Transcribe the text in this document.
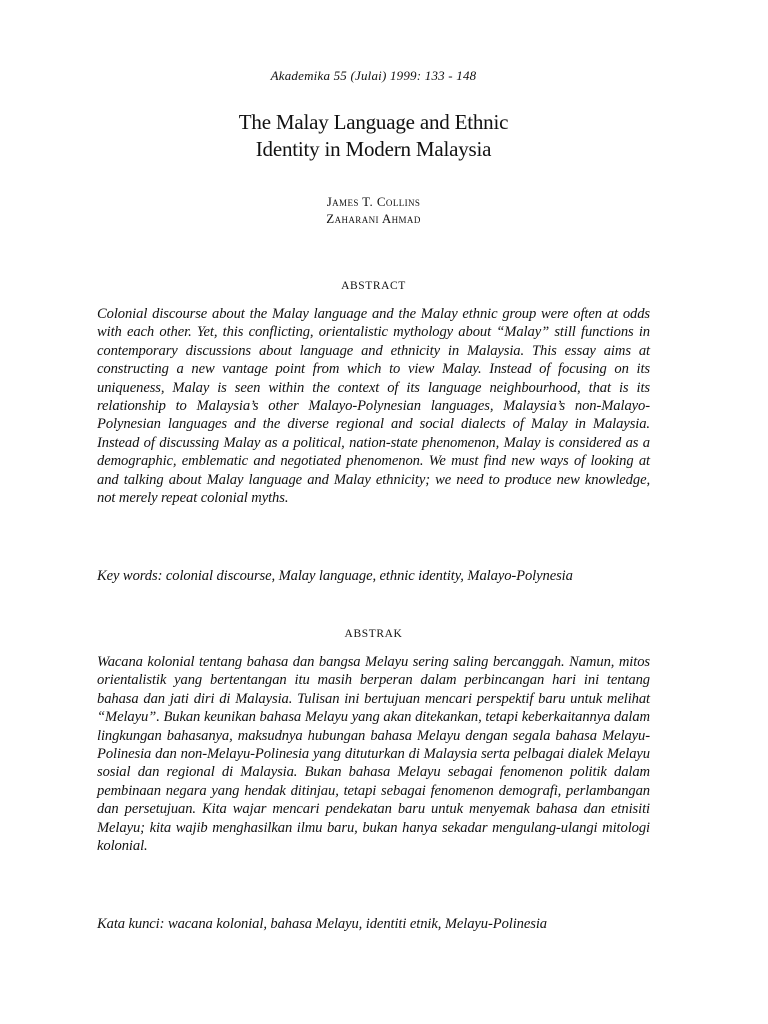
Akademika 55 (Julai) 1999: 133 - 148
The Malay Language and Ethnic
Identity in Modern Malaysia
James T. Collins
Zaharani Ahmad
ABSTRACT

Colonial discourse about the Malay language and the Malay ethnic group were often at odds with each other. Yet, this conflicting, orientalistic mythology about “Malay” still functions in contemporary discussions about language and ethnicity in Malaysia. This essay aims at constructing a new vantage point from which to view Malay. Instead of focusing on its uniqueness, Malay is seen within the context of its language neighbourhood, that is its relationship to Malaysia’s other Malayo-Polynesian languages, Malaysia’s non-Malayo-Polynesian languages and the diverse regional and social dialects of Malay in Malaysia. Instead of discussing Malay as a political, nation-state phenomenon, Malay is considered as a demographic, emblematic and negotiated phenomenon. We must find new ways of looking at and talking about Malay language and Malay ethnicity; we need to produce new knowledge, not merely repeat colonial myths.

Key words: colonial discourse, Malay language, ethnic identity, Malayo-Polynesia

ABSTRAK

Wacana kolonial tentang bahasa dan bangsa Melayu sering saling bercanggah. Namun, mitos orientalistik yang bertentangan itu masih berperan dalam perbincangan hari ini tentang bahasa dan jati diri di Malaysia. Tulisan ini bertujuan mencari perspektif baru untuk melihat “Melayu”. Bukan keunikan bahasa Melayu yang akan ditekankan, tetapi keberkaitannya dalam lingkungan bahasanya, maksudnya hubungan bahasa Melayu dengan segala bahasa Melayu-Polinesia dan non-Melayu-Polinesia yang dituturkan di Malaysia serta pelbagai dialek Melayu sosial dan regional di Malaysia. Bukan bahasa Melayu sebagai fenomenon politik dalam pembinaan negara yang hendak ditinjau, tetapi sebagai fenomenon demografi, perlambangan dan persetujuan. Kita wajar mencari pendekatan baru untuk menyemak bahasa dan etnisiti Melayu; kita wajib menghasilkan ilmu baru, bukan hanya sekadar mengulang-ulangi mitologi kolonial.

Kata kunci: wacana kolonial, bahasa Melayu, identiti etnik, Melayu-Polinesia
